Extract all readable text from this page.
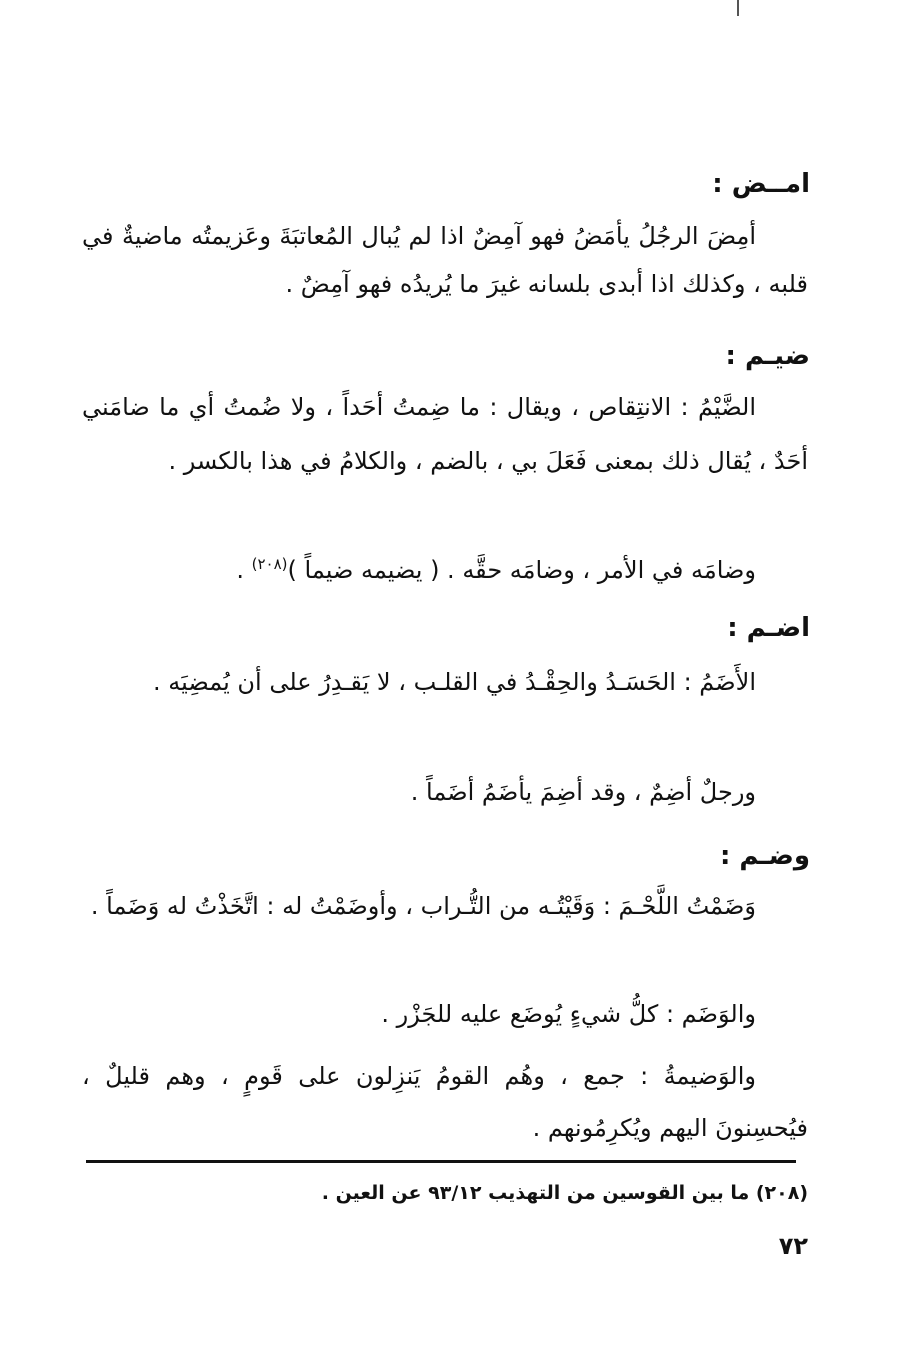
امــض :
أمِضَ الرجُلُ يأمَضُ فهو آمِضٌ اذا لم يُبال المُعاتبَةَ وعَزيمتُه ماضيةٌ في قلبه ، وكذلك اذا أبدى بلسانه غيرَ ما يُريدُه فهو آمِضٌ .
ضيـم :
الضَّيْمُ : الانتِقاص ، ويقال : ما ضِمتُ أحَداً ، ولا ضُمتُ أي ما ضامَني أحَدٌ ، يُقال ذلك بمعنى فَعَلَ بي ، بالضم ، والكلامُ في هذا بالكسر .
وضامَه في الأمر ، وضامَه حقَّه . ( يضيمه ضيماً )$^{(٢٠٨)}$ .
اضـم :
الأَضَمُ : الحَسَـدُ والحِقْـدُ في القلـب ، لا يَقـدِرُ على أن يُمضِيَه .
ورجلٌ أضِمٌ ، وقد أضِمَ يأضَمُ أضَماً .
وضـم :
وَضَمْتُ اللَّحْـمَ : وَقَيْتُـه من التُّـراب ، وأوضَمْتُ له : اتَّخَذْتُ له وَضَماً .
والوَضَم : كلُّ شيءٍ يُوضَع عليه للجَزْر .
والوَضيمةُ : جمع ، وهُم القومُ يَنزِلون على قَومٍ ، وهم قليلٌ ، فيُحسِنونَ اليهم ويُكرِمُونهم .
(٢٠٨) ما بين القوسين من التهذيب ٩٣/١٢ عن العين .
٧٢
